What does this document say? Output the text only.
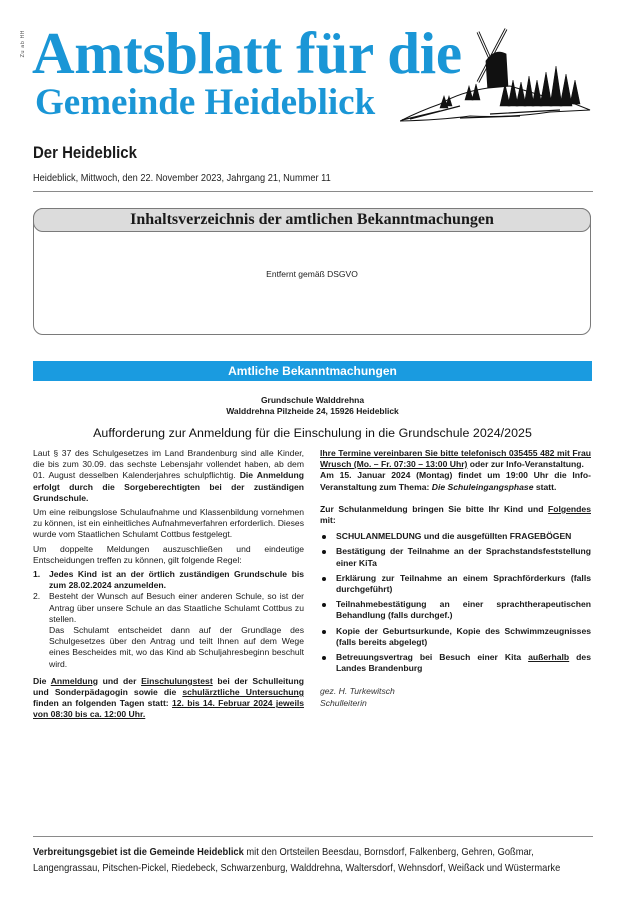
Zu ab HH Amtsblatt für die
Gemeinde Heideblick
Der Heideblick
Heideblick, Mittwoch, den 22. November 2023, Jahrgang 21, Nummer 11
Inhaltsverzeichnis der amtlichen Bekanntmachungen
Entfernt gemäß DSGVO
Amtliche Bekanntmachungen
Grundschule Walddrehna
Walddrehna Pilzheide 24, 15926 Heideblick
Aufforderung zur Anmeldung für die Einschulung in die Grundschule 2024/2025

Laut § 37 des Schulgesetzes im Land Brandenburg sind alle Kinder, die bis zum 30.09. das sechste Lebensjahr vollendet haben, ab dem 01. August desselben Kalenderjahres schulpflichtig. Die Anmeldung erfolgt durch die Sorgeberechtigten bei der zuständigen Grundschule.

Um eine reibungslose Schulaufnahme und Klassenbildung vornehmen zu können, ist ein einheitliches Aufnahmeverfahren erforderlich. Dieses wurde vom Staatlichen Schulamt Cottbus festgelegt.

Um doppelte Meldungen auszuschließen und eindeutige Entscheidungen treffen zu können, gilt folgende Regel:

1. Jedes Kind ist an der örtlich zuständigen Grundschule bis zum 28.02.2024 anzumelden.
2. Besteht der Wunsch auf Besuch einer anderen Schule, so ist der Antrag über unsere Schule an das Staatliche Schulamt Cottbus zu stellen.
Das Schulamt entscheidet dann auf der Grundlage des Schulgesetzes über den Antrag und teilt Ihnen auf dem Wege eines Bescheides mit, wo das Kind ab Schuljahresbeginn beschult wird.

Die Anmeldung und der Einschulungstest bei der Schulleitung und Sonderpädagogin sowie die schulärztliche Untersuchung finden an folgenden Tagen statt: 12. bis 14. Februar 2024 jeweils von 08:30 bis ca. 12:00 Uhr.

Ihre Termine vereinbaren Sie bitte telefonisch 035455 482 mit Frau Wrusch (Mo. – Fr. 07:30 – 13:00 Uhr) oder zur Info-Veranstaltung.

Am 15. Januar 2024 (Montag) findet um 19:00 Uhr die Info-Veranstaltung zum Thema: Die Schuleingangsphase statt.

Zur Schulanmeldung bringen Sie bitte Ihr Kind und Folgendes mit:

SCHULANMELDUNG und die ausgefüllten FRAGEBÖGEN
Bestätigung der Teilnahme an der Sprachstandsfeststellung einer KiTa
Erklärung zur Teilnahme an einem Sprachförderkurs (falls durchgeführt)
Teilnahmebestätigung an einer sprachtherapeutischen Behandlung (falls durchgef.)
Kopie der Geburtsurkunde, Kopie des Schwimmzeugnisses (falls bereits abgelegt)
Betreuungsvertrag bei Besuch einer Kita außerhalb des Landes Brandenburg
gez. H. Turkewitsch
Schulleiterin
Verbreitungsgebiet ist die Gemeinde Heideblick mit den Ortsteilen Beesdau, Bornsdorf, Falkenberg, Gehren, Goßmar,
Langengrassau, Pitschen-Pickel, Riedebeck, Schwarzenburg, Walddrehna, Waltersdorf, Wehnsdorf, Weißack und Wüstermarke
